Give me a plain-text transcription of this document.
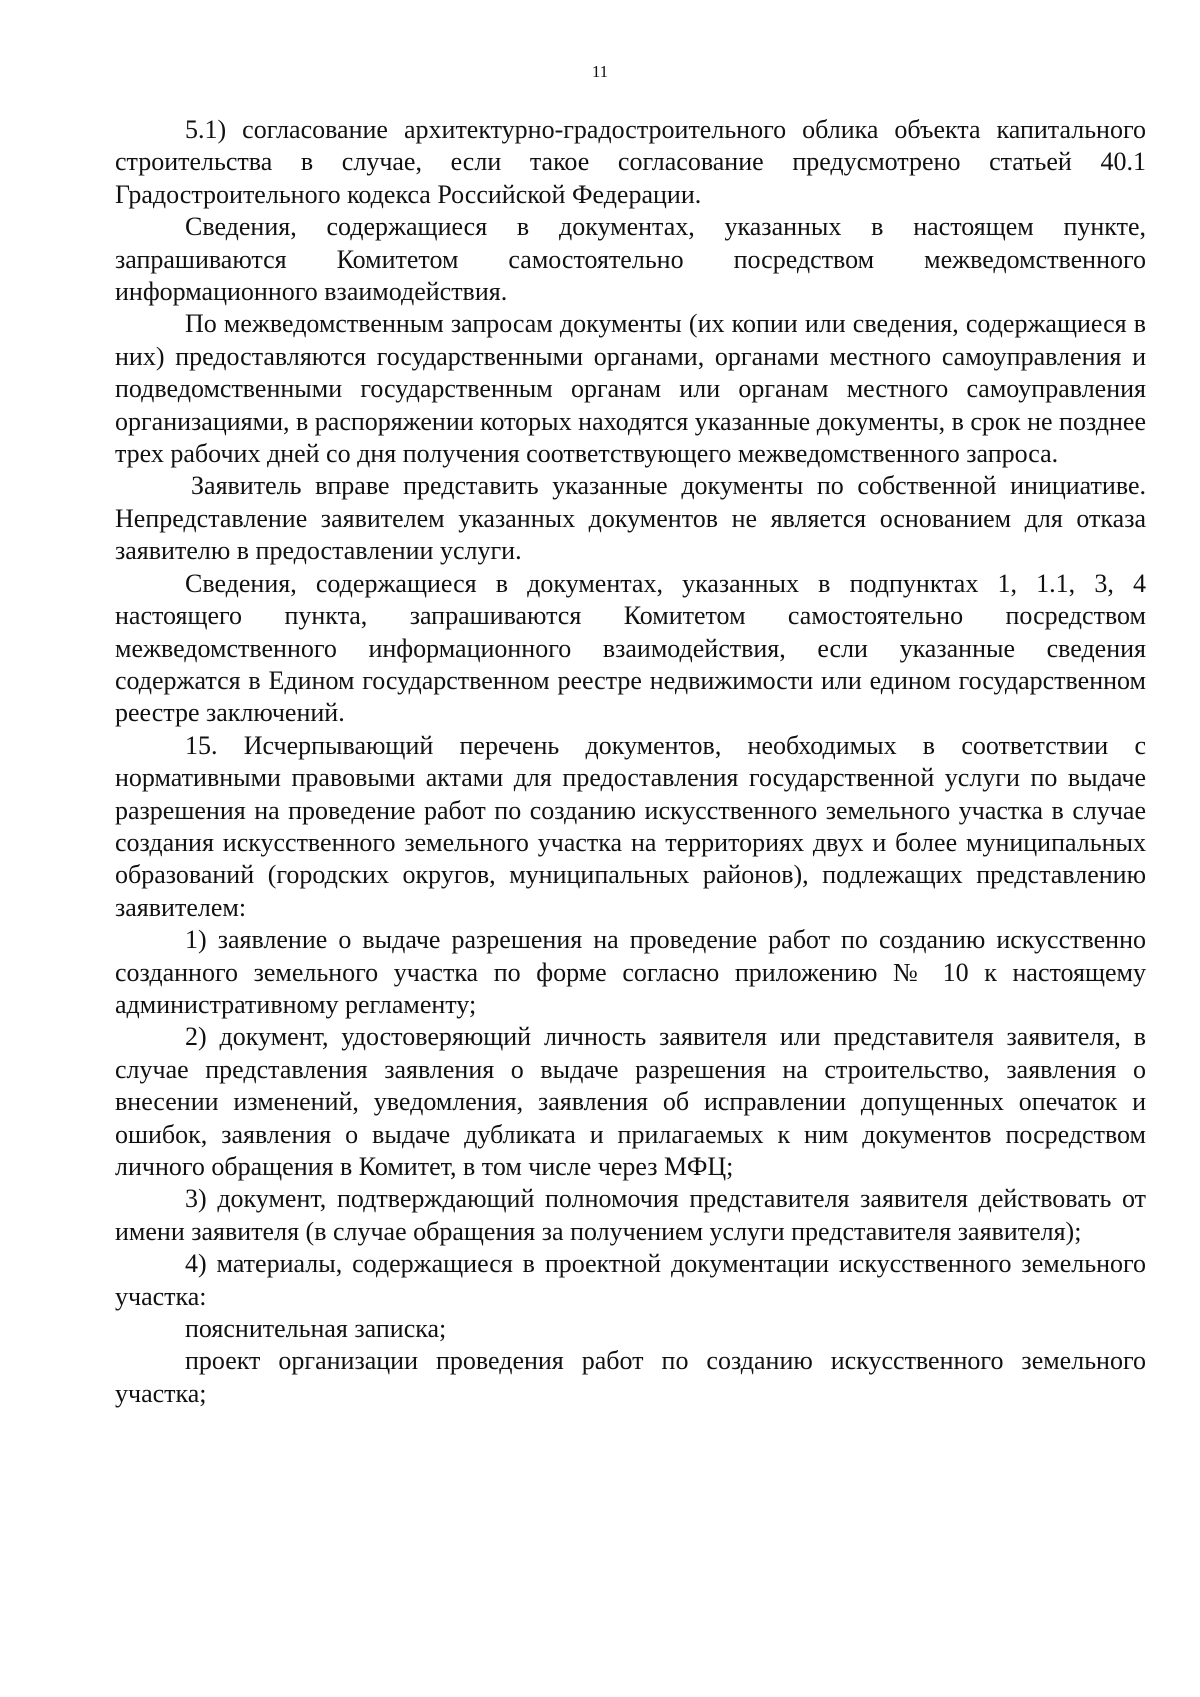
11

5.1) согласование архитектурно-градостроительного облика объекта капитального строительства в случае, если такое согласование предусмотрено статьей 40.1 Градостроительного кодекса Российской Федерации.

Сведения, содержащиеся в документах, указанных в настоящем пункте, запрашиваются Комитетом самостоятельно посредством межведомственного информационного взаимодействия.

По межведомственным запросам документы (их копии или сведения, содержащиеся в них) предоставляются государственными органами, органами местного самоуправления и подведомственными государственным органам или органам местного самоуправления организациями, в распоряжении которых находятся указанные документы, в срок не позднее трех рабочих дней со дня получения соответствующего межведомственного запроса.

Заявитель вправе представить указанные документы по собственной инициативе. Непредставление заявителем указанных документов не является основанием для отказа заявителю в предоставлении услуги.

Сведения, содержащиеся в документах, указанных в подпунктах 1, 1.1, 3, 4 настоящего пункта, запрашиваются Комитетом самостоятельно посредством межведомственного информационного взаимодействия, если указанные сведения содержатся в Едином государственном реестре недвижимости или едином государственном реестре заключений.

15. Исчерпывающий перечень документов, необходимых в соответствии с нормативными правовыми актами для предоставления государственной услуги по выдаче разрешения на проведение работ по созданию искусственного земельного участка в случае создания искусственного земельного участка на территориях двух и более муниципальных образований (городских округов, муниципальных районов), подлежащих представлению заявителем:

1) заявление о выдаче разрешения на проведение работ по созданию искусственно созданного земельного участка по форме согласно приложению № 10 к настоящему административному регламенту;

2) документ, удостоверяющий личность заявителя или представителя заявителя, в случае представления заявления о выдаче разрешения на строительство, заявления о внесении изменений, уведомления, заявления об исправлении допущенных опечаток и ошибок, заявления о выдаче дубликата и прилагаемых к ним документов посредством личного обращения в Комитет, в том числе через МФЦ;

3) документ, подтверждающий полномочия представителя заявителя действовать от имени заявителя (в случае обращения за получением услуги представителя заявителя);

4) материалы, содержащиеся в проектной документации искусственного земельного участка:

пояснительная записка;

проект организации проведения работ по созданию искусственного земельного участка;
